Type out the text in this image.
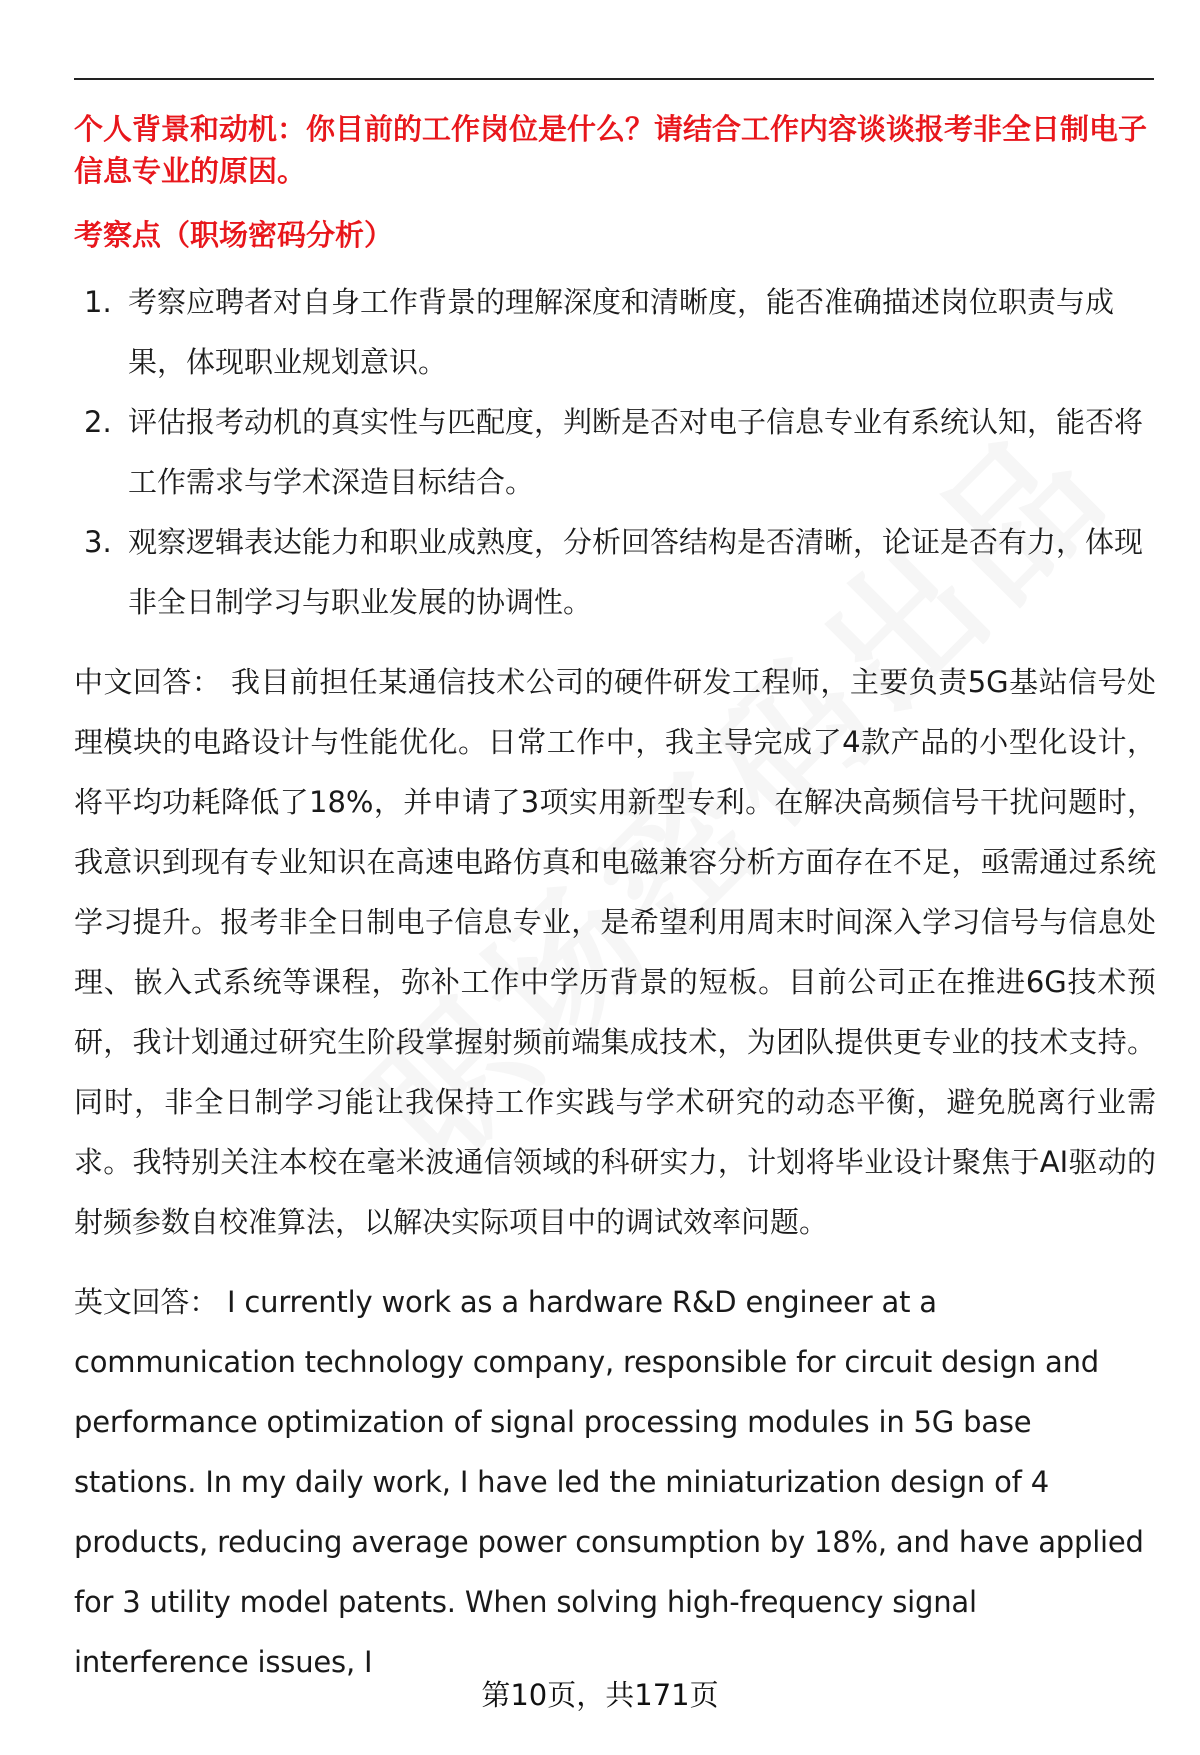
个人背景和动机：你目前的工作岗位是什么？请结合工作内容谈谈报考非全日制电子信息专业的原因。

考察点（职场密码分析）

1. 考察应聘者对自身工作背景的理解深度和清晰度，能否准确描述岗位职责与成果，体现职业规划意识。
2. 评估报考动机的真实性与匹配度，判断是否对电子信息专业有系统认知，能否将工作需求与学术深造目标结合。
3. 观察逻辑表达能力和职业成熟度，分析回答结构是否清晰，论证是否有力，体现非全日制学习与职业发展的协调性。

中文回答： 我目前担任某通信技术公司的硬件研发工程师，主要负责5G基站信号处理模块的电路设计与性能优化。日常工作中，我主导完成了4款产品的小型化设计，将平均功耗降低了18%，并申请了3项实用新型专利。在解决高频信号干扰问题时，我意识到现有专业知识在高速电路仿真和电磁兼容分析方面存在不足，亟需通过系统学习提升。报考非全日制电子信息专业，是希望利用周末时间深入学习信号与信息处理、嵌入式系统等课程，弥补工作中学历背景的短板。目前公司正在推进6G技术预研，我计划通过研究生阶段掌握射频前端集成技术，为团队提供更专业的技术支持。同时，非全日制学习能让我保持工作实践与学术研究的动态平衡，避免脱离行业需求。我特别关注本校在毫米波通信领域的科研实力，计划将毕业设计聚焦于AI驱动的射频参数自校准算法，以解决实际项目中的调试效率问题。

英文回答： I currently work as a hardware R&D engineer at a communication technology company, responsible for circuit design and performance optimization of signal processing modules in 5G base stations. In my daily work, I have led the miniaturization design of 4 products, reducing average power consumption by 18%, and have applied for 3 utility model patents. When solving high-frequency signal interference issues, I

第10页，共171页
